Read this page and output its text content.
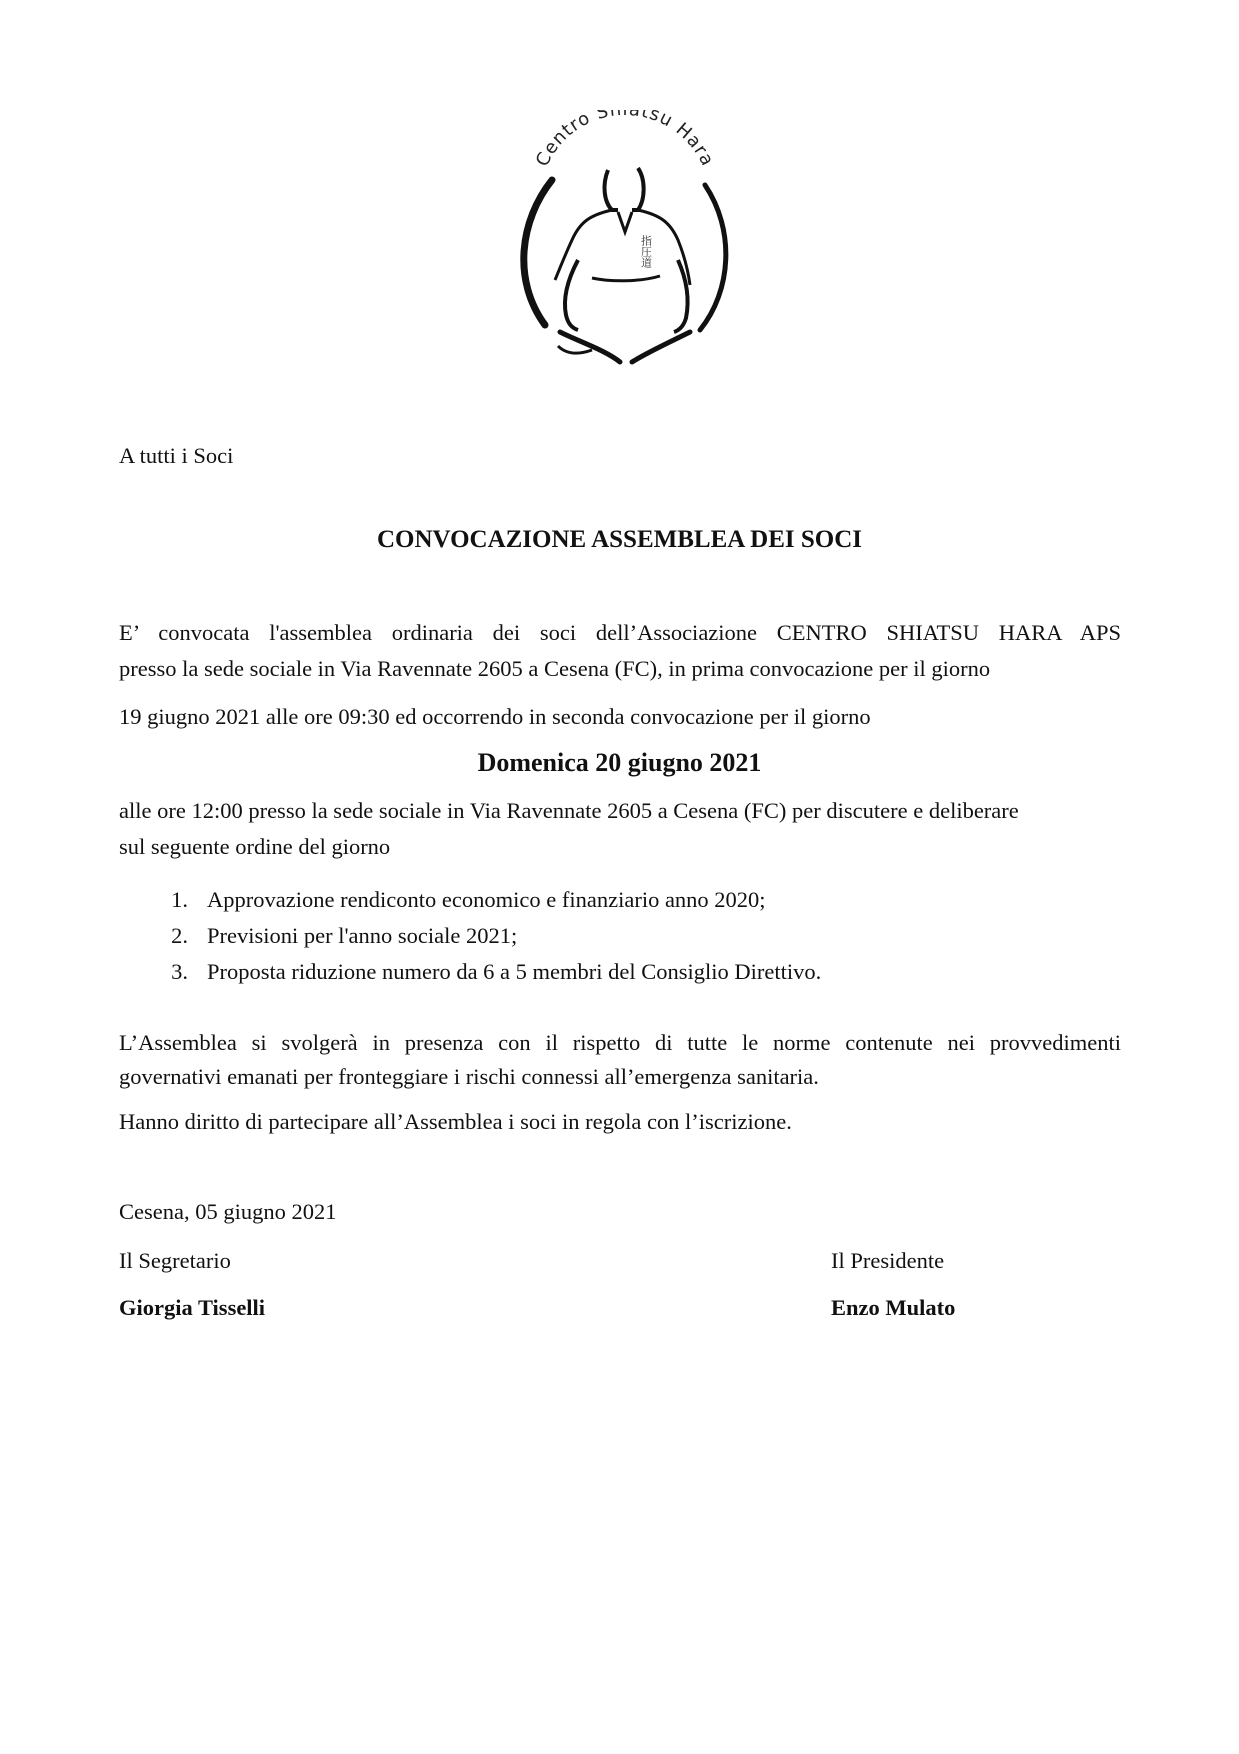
Centro S atsu Hara
指圧道
A tutti i Soci
CONVOCAZIONE ASSEMBLEA DEI SOCI
E’ convocata l'assemblea ordinaria dei soci dell’Associazione CENTRO SHIATSU HARA APS
presso la sede sociale in Via Ravennate 2605 a Cesena (FC), in prima convocazione per il giorno
19 giugno 2021 alle ore 09:30 ed occorrendo in seconda convocazione per il giorno
Domenica 20 giugno 2021
alle ore 12:00 presso la sede sociale in Via Ravennate 2605 a Cesena (FC) per discutere e deliberare
sul seguente ordine del giorno
1. Approvazione rendiconto economico e finanziario anno 2020;
2. Previsioni per l'anno sociale 2021;
3. Proposta riduzione numero da 6 a 5 membri del Consiglio Direttivo.
L’Assemblea si svolgerà in presenza con il rispetto di tutte le norme contenute nei provvedimenti
governativi emanati per fronteggiare i rischi connessi all’emergenza sanitaria.
Hanno diritto di partecipare all’Assemblea i soci in regola con l’iscrizione.
Cesena, 05 giugno 2021
Il Segretario
Giorgia Tisselli
Il Presidente
Enzo Mulato
